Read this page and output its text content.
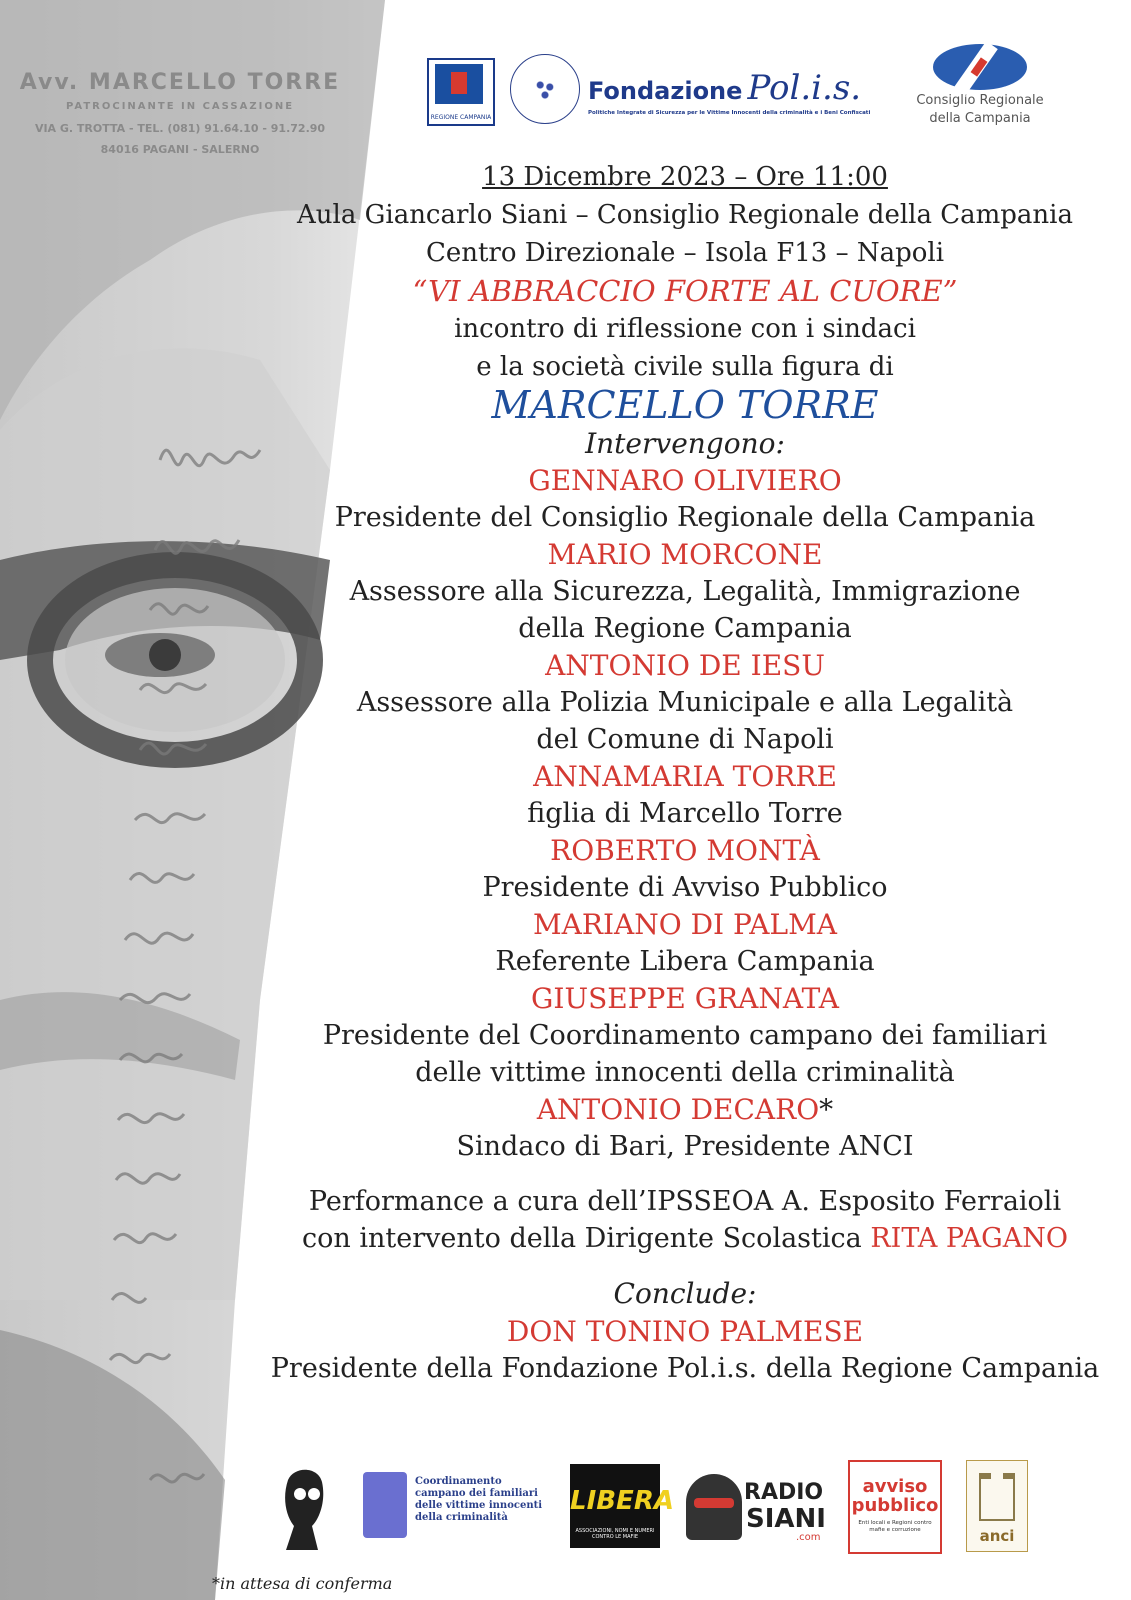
Avv. MARCELLO TORRE
PATROCINANTE IN CASSAZIONE
VIA G. TROTTA - TEL. (081) 91.64.10 - 91.72.90
84016 PAGANI - SALERNO
REGIONE CAMPANIA
Fondazione Pol.i.s.
Politiche Integrate di Sicurezza per le Vittime Innocenti della criminalità e i Beni Confiscati
Consiglio Regionale
della Campania
13 Dicembre 2023 – Ore 11:00
Aula Giancarlo Siani – Consiglio Regionale della Campania
Centro Direzionale – Isola F13 – Napoli
“VI ABBRACCIO FORTE AL CUORE”
incontro di riflessione con i sindaci
e la società civile sulla figura di
MARCELLO TORRE
Intervengono:
GENNARO OLIVIERO
Presidente del Consiglio Regionale della Campania
MARIO MORCONE
Assessore alla Sicurezza, Legalità, Immigrazione
della Regione Campania
ANTONIO DE IESU
Assessore alla Polizia Municipale e alla Legalità
del Comune di Napoli
ANNAMARIA TORRE
figlia di Marcello Torre
ROBERTO MONTÀ
Presidente di Avviso Pubblico
MARIANO DI PALMA
Referente Libera Campania
GIUSEPPE GRANATA
Presidente del Coordinamento campano dei familiari
delle vittime innocenti della criminalità
ANTONIO DECARO*
Sindaco di Bari, Presidente ANCI
Performance a cura dell’IPSSEOA A. Esposito Ferraioli
con intervento della Dirigente Scolastica RITA PAGANO
Conclude:
DON TONINO PALMESE
Presidente della Fondazione Pol.i.s. della Regione Campania
Coordinamento campano dei familiari delle vittime innocenti della criminalità
LIBERA
ASSOCIAZIONI, NOMI E NUMERI CONTRO LE MAFIE
RADIO
SIANI
.com
avviso
pubblico
Enti locali e Regioni contro mafie e corruzione	anci
*in attesa di conferma
